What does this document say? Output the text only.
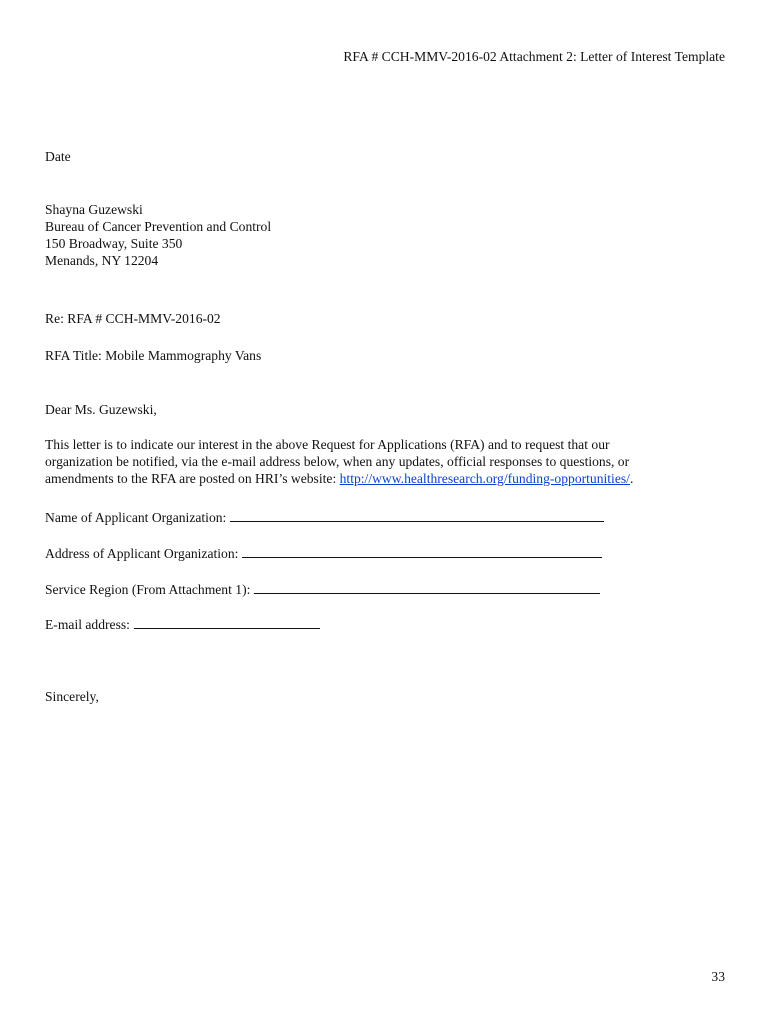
RFA # CCH-MMV-2016-02 Attachment 2: Letter of Interest Template
Date
Shayna Guzewski
Bureau of Cancer Prevention and Control
150 Broadway, Suite 350
Menands, NY 12204
Re: RFA # CCH-MMV-2016-02
RFA Title: Mobile Mammography Vans
Dear Ms. Guzewski,
This letter is to indicate our interest in the above Request for Applications (RFA) and to request that our
organization be notified, via the e-mail address below, when any updates, official responses to questions, or
amendments to the RFA are posted on HRI’s website: http://www.healthresearch.org/funding-opportunities/.
Name of Applicant Organization:
Address of Applicant Organization:
Service Region (From Attachment 1):
E-mail address:
Sincerely,
33
